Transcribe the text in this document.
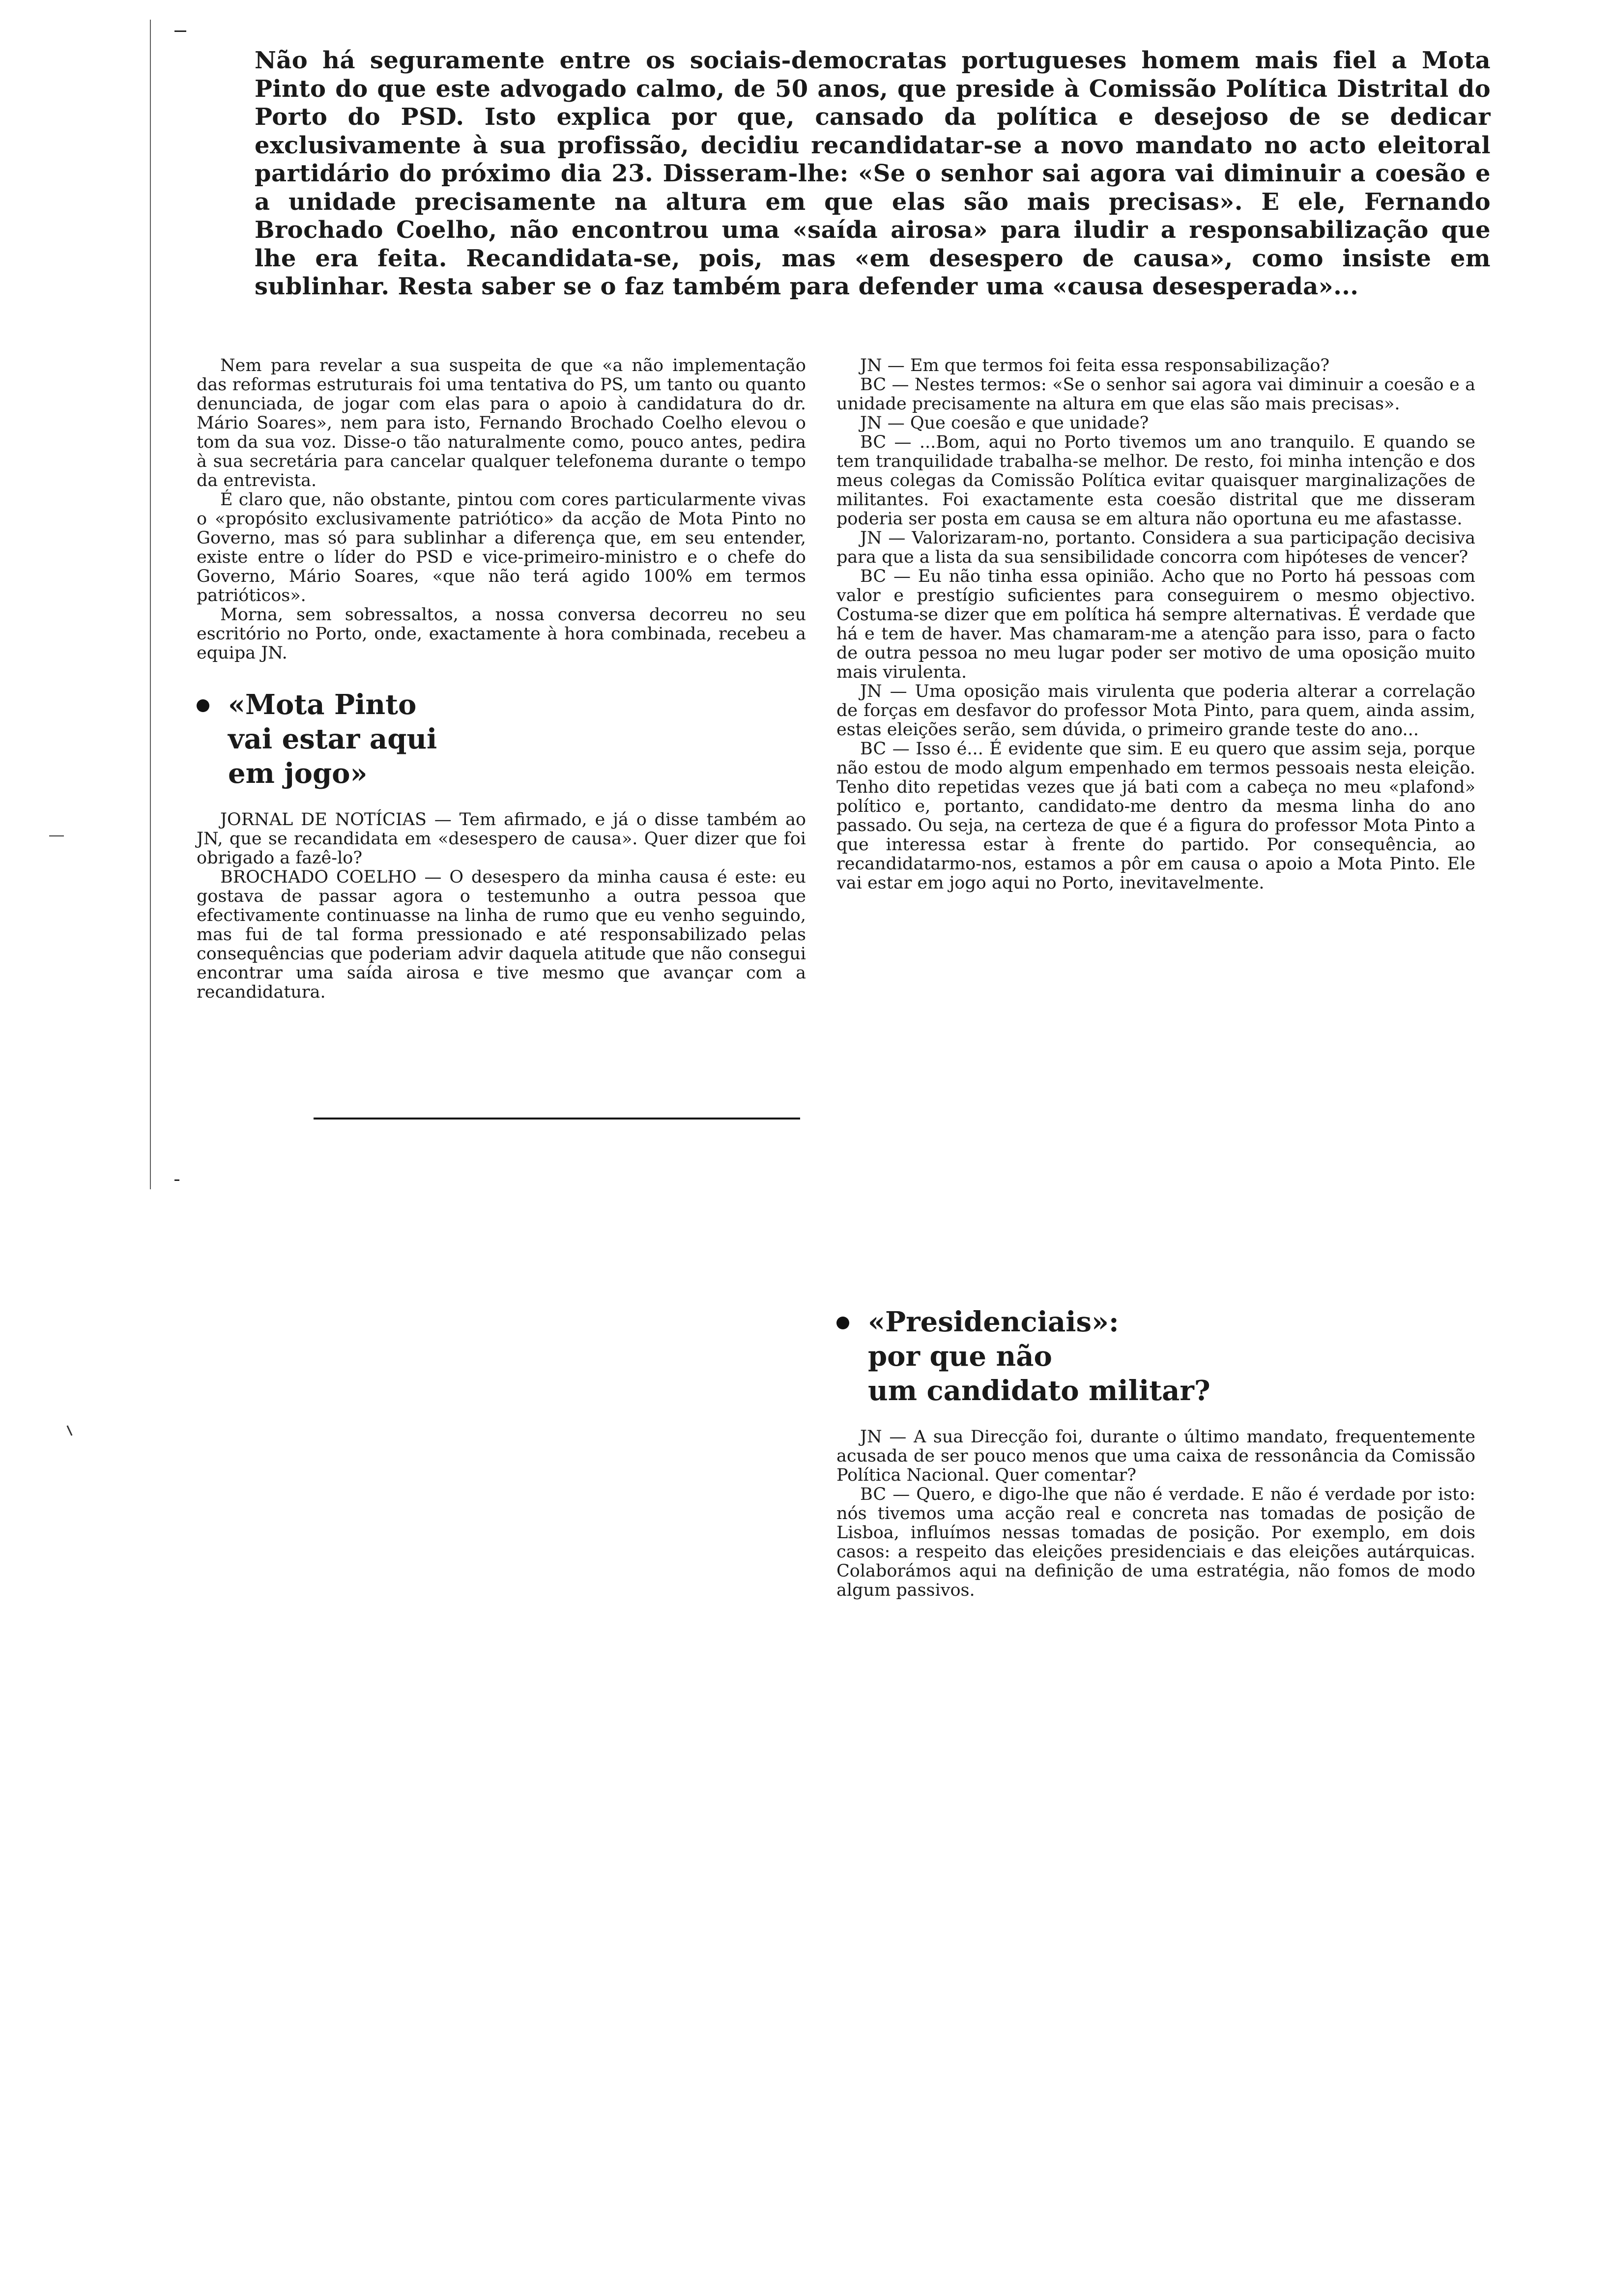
Não há seguramente entre os sociais-democratas portugueses homem mais fiel a Mota Pinto do que este advogado calmo, de 50 anos, que preside à Comissão Política Distrital do Porto do PSD. Isto explica por que, cansado da política e desejoso de se dedicar exclusivamente à sua profissão, decidiu recandidatar-se a novo mandato no acto eleitoral partidário do próximo dia 23. Disseram-lhe: «Se o senhor sai agora vai diminuir a coesão e a unidade precisamente na altura em que elas são mais precisas». E ele, Fernando Brochado Coelho, não encontrou uma «saída airosa» para iludir a responsabilização que lhe era feita. Recandidata-se, pois, mas «em desespero de causa», como insiste em sublinhar. Resta saber se o faz também para defender uma «causa desesperada»...

Nem para revelar a sua suspeita de que «a não implementação das reformas estruturais foi uma tentativa do PS, um tanto ou quanto denunciada, de jogar com elas para o apoio à candidatura do dr. Mário Soares», nem para isto, Fernando Brochado Coelho elevou o tom da sua voz. Disse-o tão naturalmente como, pouco antes, pedira à sua secretária para cancelar qualquer telefonema durante o tempo da entrevista.

É claro que, não obstante, pintou com cores particularmente vivas o «propósito exclusivamente patriótico» da acção de Mota Pinto no Governo, mas só para sublinhar a diferença que, em seu entender, existe entre o líder do PSD e vice-primeiro-ministro e o chefe do Governo, Mário Soares, «que não terá agido 100% em termos patrióticos».

Morna, sem sobressaltos, a nossa conversa decorreu no seu escritório no Porto, onde, exactamente à hora combinada, recebeu a equipa JN.

«Mota Pinto
vai estar aqui
em jogo»

JORNAL DE NOTÍCIAS — Tem afirmado, e já o disse também ao JN, que se recandidata em «desespero de causa». Quer dizer que foi obrigado a fazê-lo?

BROCHADO COELHO — O desespero da minha causa é este: eu gostava de passar agora o testemunho a outra pessoa que efectivamente continuasse na linha de rumo que eu venho seguindo, mas fui de tal forma pressionado e até responsabilizado pelas consequências que poderiam advir daquela atitude que não consegui encontrar uma saída airosa e tive mesmo que avançar com a recandidatura.

JN — Em que termos foi feita essa responsabilização?

BC — Nestes termos: «Se o senhor sai agora vai diminuir a coesão e a unidade precisamente na altura em que elas são mais precisas».

JN — Que coesão e que unidade?

BC — ...Bom, aqui no Porto tivemos um ano tranquilo. E quando se tem tranquilidade trabalha-se melhor. De resto, foi minha intenção e dos meus colegas da Comissão Política evitar quaisquer marginalizações de militantes. Foi exactamente esta coesão distrital que me disseram poderia ser posta em causa se em altura não oportuna eu me afastasse.

JN — Valorizaram-no, portanto. Considera a sua participação decisiva para que a lista da sua sensibilidade concorra com hipóteses de vencer?

BC — Eu não tinha essa opinião. Acho que no Porto há pessoas com valor e prestígio suficientes para conseguirem o mesmo objectivo. Costuma-se dizer que em política há sempre alternativas. É verdade que há e tem de haver. Mas chamaram-me a atenção para isso, para o facto de outra pessoa no meu lugar poder ser motivo de uma oposição muito mais virulenta.

JN — Uma oposição mais virulenta que poderia alterar a correlação de forças em desfavor do professor Mota Pinto, para quem, ainda assim, estas eleições serão, sem dúvida, o primeiro grande teste do ano...

BC — Isso é... É evidente que sim. E eu quero que assim seja, porque não estou de modo algum empenhado em termos pessoais nesta eleição. Tenho dito repetidas vezes que já bati com a cabeça no meu «plafond» político e, portanto, candidato-me dentro da mesma linha do ano passado. Ou seja, na certeza de que é a figura do professor Mota Pinto a que interessa estar à frente do partido. Por consequência, ao recandidatarmo-nos, estamos a pôr em causa o apoio a Mota Pinto. Ele vai estar em jogo aqui no Porto, inevitavelmente.

«Presidenciais»:
por que não
um candidato militar?

JN — A sua Direcção foi, durante o último mandato, frequentemente acusada de ser pouco menos que uma caixa de ressonância da Comissão Política Nacional. Quer comentar?

BC — Quero, e digo-lhe que não é verdade. E não é verdade por isto: nós tivemos uma acção real e concreta nas tomadas de posição de Lisboa, influímos nessas tomadas de posição. Por exemplo, em dois casos: a respeito das eleições presidenciais e das eleições autárquicas. Colaborámos aqui na definição de uma estratégia, não fomos de modo algum passivos.
